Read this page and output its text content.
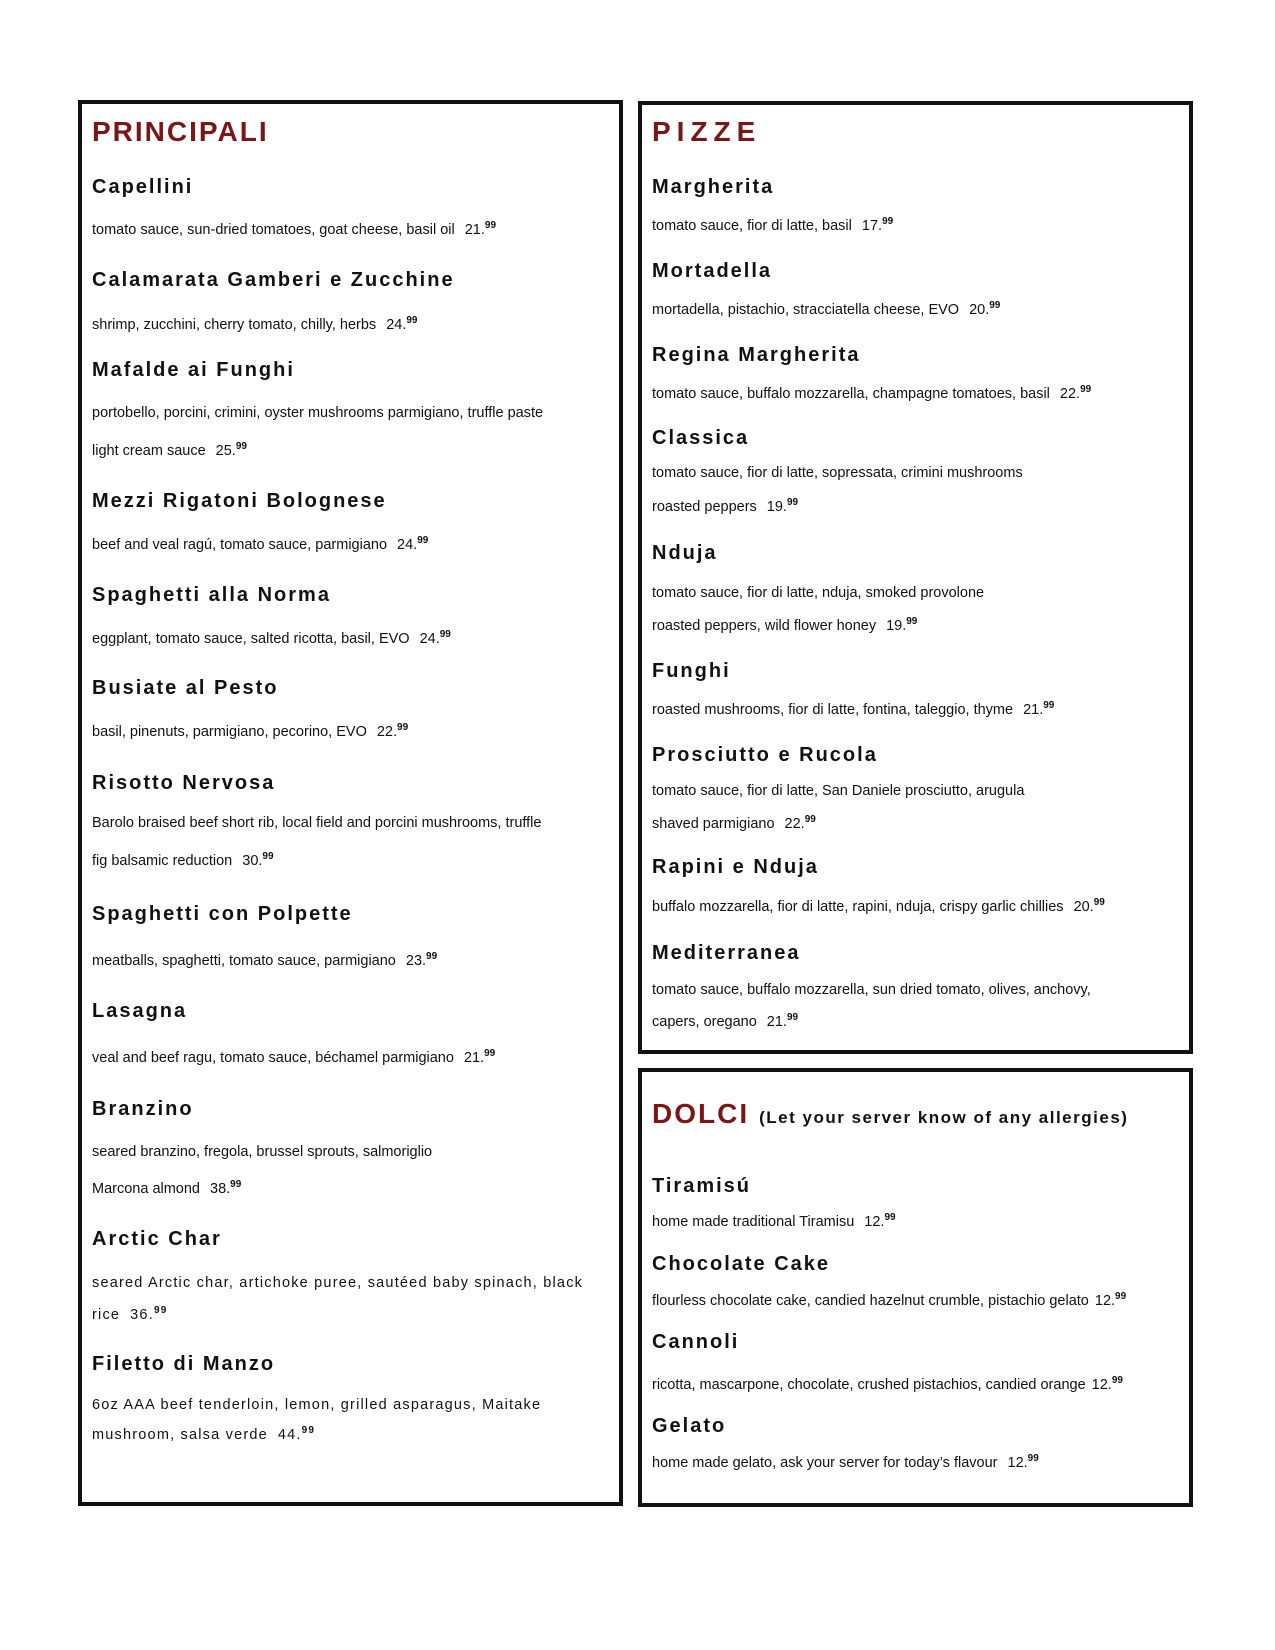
PRINCIPALI
Capellini
tomato sauce, sun-dried tomatoes, goat cheese, basil oil 21.99
Calamarata Gamberi e Zucchine
shrimp, zucchini, cherry tomato, chilly, herbs 24.99
Mafalde ai Funghi
portobello, porcini, crimini, oyster mushrooms parmigiano, truffle paste
light cream sauce 25.99
Mezzi Rigatoni Bolognese
beef and veal ragú, tomato sauce, parmigiano 24.99
Spaghetti alla Norma
eggplant, tomato sauce, salted ricotta, basil, EVO 24.99
Busiate al Pesto
basil, pinenuts, parmigiano, pecorino, EVO 22.99
Risotto Nervosa
Barolo braised beef short rib, local field and porcini mushrooms, truffle
fig balsamic reduction 30.99
Spaghetti con Polpette
meatballs, spaghetti, tomato sauce, parmigiano 23.99
Lasagna
veal and beef ragu, tomato sauce, béchamel parmigiano 21.99
Branzino
seared branzino, fregola, brussel sprouts, salmoriglio
Marcona almond 38.99
Arctic Char
seared Arctic char, artichoke puree, sautéed baby spinach, black
rice 36.99
Filetto di Manzo
6oz AAA beef tenderloin, lemon, grilled asparagus, Maitake
mushroom, salsa verde 44.99
PIZZE
Margherita
tomato sauce, fior di latte, basil 17.99
Mortadella
mortadella, pistachio, stracciatella cheese, EVO 20.99
Regina Margherita
tomato sauce, buffalo mozzarella, champagne tomatoes, basil 22.99
Classica
tomato sauce, fior di latte, sopressata, crimini mushrooms
roasted peppers 19.99
Nduja
tomato sauce, fior di latte, nduja, smoked provolone
roasted peppers, wild flower honey 19.99
Funghi
roasted mushrooms, fior di latte, fontina, taleggio, thyme 21.99
Prosciutto e Rucola
tomato sauce, fior di latte, San Daniele prosciutto, arugula
shaved parmigiano 22.99
Rapini e Nduja
buffalo mozzarella, fior di latte, rapini, nduja, crispy garlic chillies 20.99
Mediterranea
tomato sauce, buffalo mozzarella, sun dried tomato, olives, anchovy,
capers, oregano 21.99
DOLCI (Let your server know of any allergies)
Tiramisú
home made traditional Tiramisu 12.99
Chocolate Cake
flourless chocolate cake, candied hazelnut crumble, pistachio gelato 12.99
Cannoli
ricotta, mascarpone, chocolate, crushed pistachios, candied orange 12.99
Gelato
home made gelato, ask your server for today’s flavour 12.99
